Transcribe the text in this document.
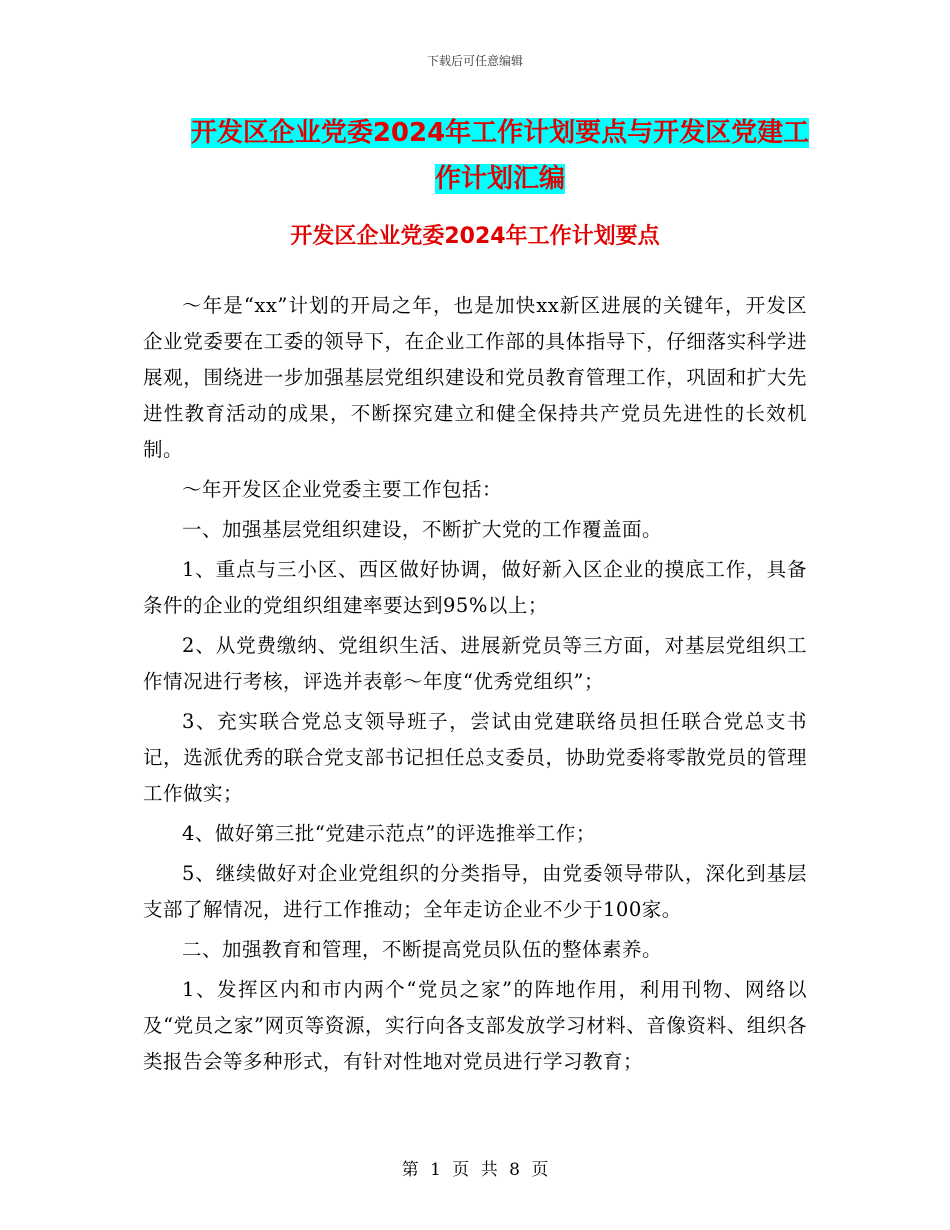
下载后可任意编辑
开发区企业党委2024年工作计划要点与开发区党建工
作计划汇编
开发区企业党委2024年工作计划要点

～年是“xx”计划的开局之年，也是加快xx新区进展的关键年，开发区企业党委要在工委的领导下，在企业工作部的具体指导下，仔细落实科学进展观，围绕进一步加强基层党组织建设和党员教育管理工作，巩固和扩大先进性教育活动的成果，不断探究建立和健全保持共产党员先进性的长效机制。

～年开发区企业党委主要工作包括：

一、加强基层党组织建设，不断扩大党的工作覆盖面。

1、重点与三小区、西区做好协调，做好新入区企业的摸底工作，具备条件的企业的党组织组建率要达到95%以上；

2、从党费缴纳、党组织生活、进展新党员等三方面，对基层党组织工作情况进行考核，评选并表彰～年度“优秀党组织”；

3、充实联合党总支领导班子，尝试由党建联络员担任联合党总支书记，选派优秀的联合党支部书记担任总支委员，协助党委将零散党员的管理工作做实；

4、做好第三批“党建示范点”的评选推举工作；

5、继续做好对企业党组织的分类指导，由党委领导带队，深化到基层支部了解情况，进行工作推动；全年走访企业不少于100家。

二、加强教育和管理，不断提高党员队伍的整体素养。

1、发挥区内和市内两个“党员之家”的阵地作用，利用刊物、网络以及“党员之家”网页等资源，实行向各支部发放学习材料、音像资料、组织各类报告会等多种形式，有针对性地对党员进行学习教育；

第 1 页 共 8 页
